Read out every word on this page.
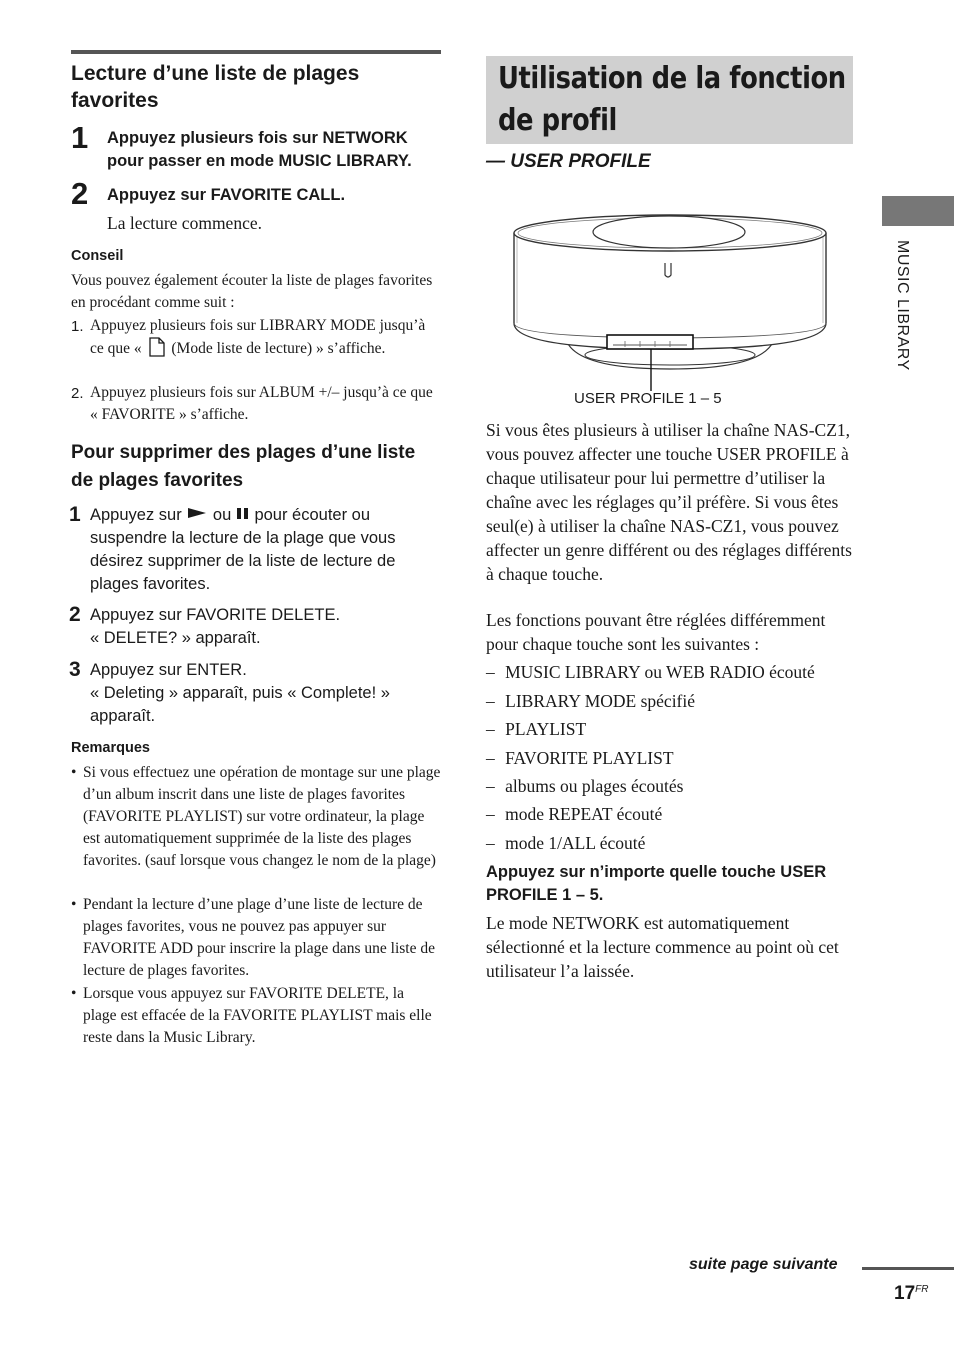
Lecture d’une liste de plages favorites
1 Appuyez plusieurs fois sur NETWORK pour passer en mode MUSIC LIBRARY.
2 Appuyez sur FAVORITE CALL.
La lecture commence.
Conseil
Vous pouvez également écouter la liste de plages favorites en procédant comme suit :
1. Appuyez plusieurs fois sur LIBRARY MODE jusqu’à ce que « (Mode liste de lecture) » s’affiche.
2. Appuyez plusieurs fois sur ALBUM +/– jusqu’à ce que « FAVORITE » s’affiche.
Pour supprimer des plages d’une liste de plages favorites
1 Appuyez sur ou pour écouter ou suspendre la lecture de la plage que vous désirez supprimer de la liste de lecture de plages favorites.
2 Appuyez sur FAVORITE DELETE.
« DELETE? » apparaît.
3 Appuyez sur ENTER.
« Deleting » apparaît, puis « Complete! » apparaît.
Remarques
• Si vous effectuez une opération de montage sur une plage d’un album inscrit dans une liste de plages favorites (FAVORITE PLAYLIST) sur votre ordinateur, la plage est automatiquement supprimée de la liste des plages favorites. (sauf lorsque vous changez le nom de la plage)
• Pendant la lecture d’une plage d’une liste de lecture de plages favorites, vous ne pouvez pas appuyer sur FAVORITE ADD pour inscrire la plage dans une liste de lecture de plages favorites.
• Lorsque vous appuyez sur FAVORITE DELETE, la plage est effacée de la FAVORITE PLAYLIST mais elle reste dans la Music Library.
Utilisation de la fonction
de profil
— USER PROFILE
USER PROFILE 1 – 5
Si vous êtes plusieurs à utiliser la chaîne NAS-CZ1, vous pouvez affecter une touche USER PROFILE à chaque utilisateur pour lui permettre d’utiliser la chaîne avec les réglages qu’il préfère. Si vous êtes seul(e) à utiliser la chaîne NAS-CZ1, vous pouvez affecter un genre différent ou des réglages différents à chaque touche.
Les fonctions pouvant être réglées différemment pour chaque touche sont les suivantes :
– MUSIC LIBRARY ou WEB RADIO écouté
– LIBRARY MODE spécifié
– PLAYLIST
– FAVORITE PLAYLIST
– albums ou plages écoutés
– mode REPEAT écouté
– mode 1/ALL écouté
Appuyez sur n’importe quelle touche USER PROFILE 1 – 5.
Le mode NETWORK est automatiquement sélectionné et la lecture commence au point où cet utilisateur l’a laissée.
MUSIC LIBRARY
suite page suivante
$17^{FR}$
